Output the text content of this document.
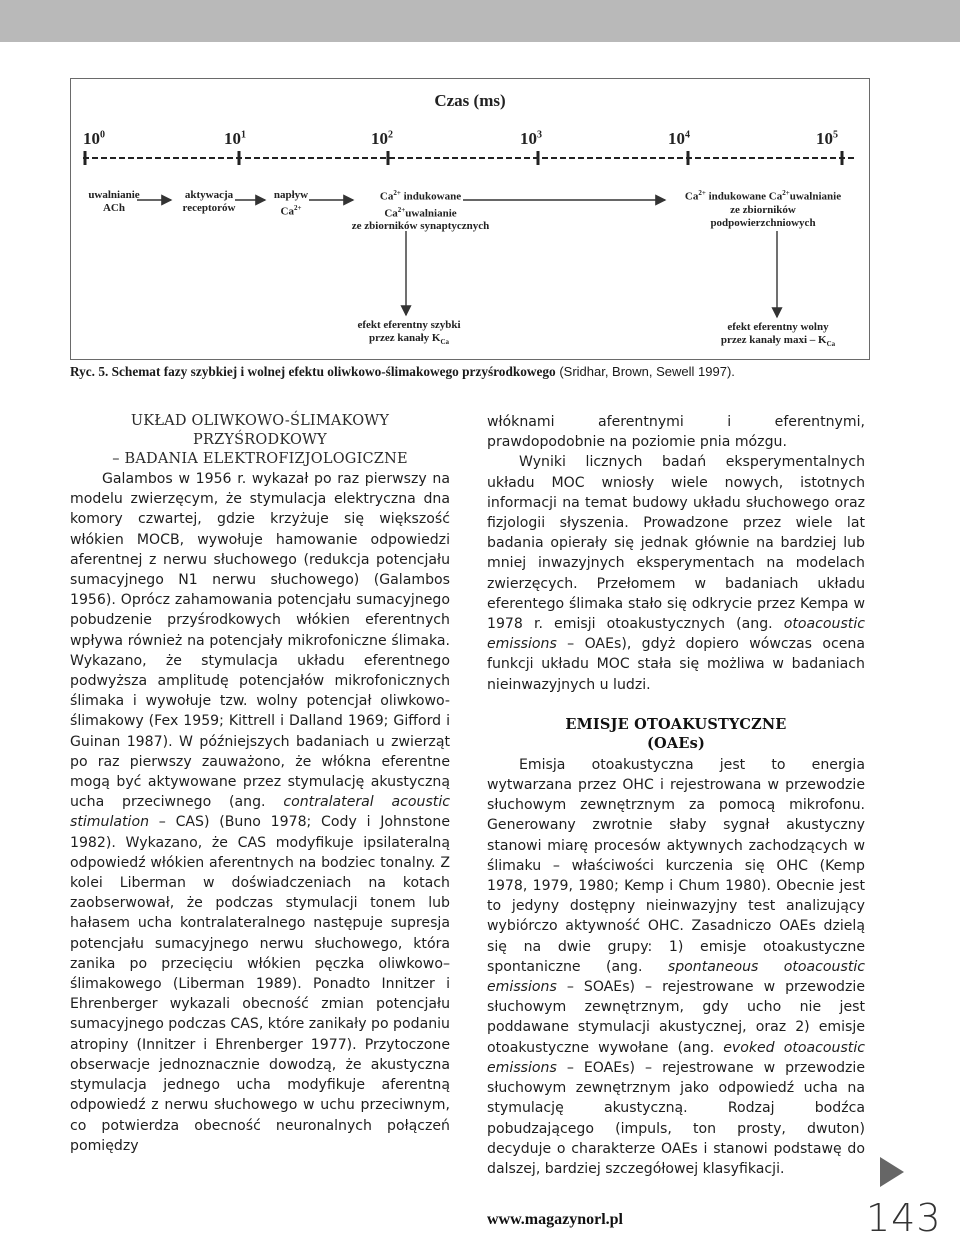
Czas (ms)
$10^0$	$10^1$	$10^2$	$10^3$	$10^4$	$10^5$
uwalnianie
ACh
aktywacja
receptorów
napływ
$Ca^{2+}$
$Ca^{2+}$ indukowane
$Ca^{2+}uwalnianie$
ze zbiorników synaptycznych
$Ca^{2+}$ indukowane $Ca^{2+}uwalnianie$
ze zbiorników
podpowierzchniowych
efekt eferentny szybki
przez kanały $K_{Ca}$
efekt eferentny wolny
przez kanały maxi – $K_{Ca}$
Ryc. 5. Schemat fazy szybkiej i wolnej efektu oliwkowo-ślimakowego przyśrodkowego (Sridhar, Brown, Sewell 1997).
UKŁAD OLIWKOWO-ŚLIMAKOWY
PRZYŚRODKOWY
– BADANIA ELEKTROFIZJOLOGICZNE

Galambos w 1956 r. wykazał po raz pierwszy na modelu zwierzęcym, że stymulacja elektryczna dna komory czwartej, gdzie krzyżuje się większość włókien MOCB, wywołuje hamowanie odpowiedzi aferentnej z nerwu słuchowego (redukcja potencjału sumacyjnego N1 nerwu słuchowego) (Galambos 1956). Oprócz zahamowania potencjału sumacyjnego pobudzenie przyśrodkowych włókien eferentnych wpływa również na potencjały mikrofoniczne ślimaka. Wykazano, że stymulacja układu eferentnego podwyższa amplitudę potencjałów mikrofonicznych ślimaka i wywołuje tzw. wolny potencjał oliwkowo-ślimakowy (Fex 1959; Kittrell i Dalland 1969; Gifford i Guinan 1987). W późniejszych badaniach u zwierząt po raz pierwszy zauważono, że włókna eferentne mogą być aktywowane przez stymulację akustyczną ucha przeciwnego (ang. contralateral acoustic stimulation – CAS) (Buno 1978; Cody i Johnstone 1982). Wykazano, że CAS modyfikuje ipsilateralną odpowiedź włókien aferentnych na bodziec tonalny. Z kolei Liberman w doświadczeniach na kotach zaobserwował, że podczas stymulacji tonem lub hałasem ucha kontralateralnego następuje supresja potencjału sumacyjnego nerwu słuchowego, która zanika po przecięciu włókien pęczka oliwkowo–ślimakowego (Liberman 1989). Ponadto Innitzer i Ehrenberger wykazali obecność zmian potencjału sumacyjnego podczas CAS, które zanikały po podaniu atropiny (Innitzer i Ehrenberger 1977). Przytoczone obserwacje jednoznacznie dowodzą, że akustyczna stymulacja jednego ucha modyfikuje aferentną odpowiedź z nerwu słuchowego w uchu przeciwnym, co potwierdza obecność neuronalnych połączeń pomiędzy

włóknami aferentnymi i eferentnymi, prawdopodobnie na poziomie pnia mózgu.

Wyniki licznych badań eksperymentalnych układu MOC wniosły wiele nowych, istotnych informacji na temat budowy układu słuchowego oraz fizjologii słyszenia. Prowadzone przez wiele lat badania opierały się jednak głównie na bardziej lub mniej inwazyjnych eksperymentach na modelach zwierzęcych. Przełomem w badaniach układu eferentego ślimaka stało się odkrycie przez Kempa w 1978 r. emisji otoakustycznych (ang. otoacoustic emissions – OAEs), gdyż dopiero wówczas ocena funkcji układu MOC stała się możliwa w badaniach nieinwazyjnych u ludzi.

EMISJE OTOAKUSTYCZNE
(OAEs)

Emisja otoakustyczna jest to energia wytwarzana przez OHC i rejestrowana w przewodzie słuchowym zewnętrznym za pomocą mikrofonu. Generowany zwrotnie słaby sygnał akustyczny stanowi miarę procesów aktywnych zachodzących w ślimaku – właściwości kurczenia się OHC (Kemp 1978, 1979, 1980; Kemp i Chum 1980). Obecnie jest to jedyny dostępny nieinwazyjny test analizujący wybiórczo aktywność OHC. Zasadniczo OAEs dzielą się na dwie grupy: 1) emisje otoakustyczne spontaniczne (ang. spontaneous otoacoustic emissions – SOAEs) – rejestrowane w przewodzie słuchowym zewnętrznym, gdy ucho nie jest poddawane stymulacji akustycznej, oraz 2) emisje otoakustyczne wywołane (ang. evoked otoacoustic emissions – EOAEs) – rejestrowane w przewodzie słuchowym zewnętrznym jako odpowiedź ucha na stymulację akustyczną. Rodzaj bodźca pobudzającego (impuls, ton prosty, dwuton) decyduje o charakterze OAEs i stanowi podstawę do dalszej, bardziej szczegółowej klasyfikacji.

www.magazynorl.pl	143
